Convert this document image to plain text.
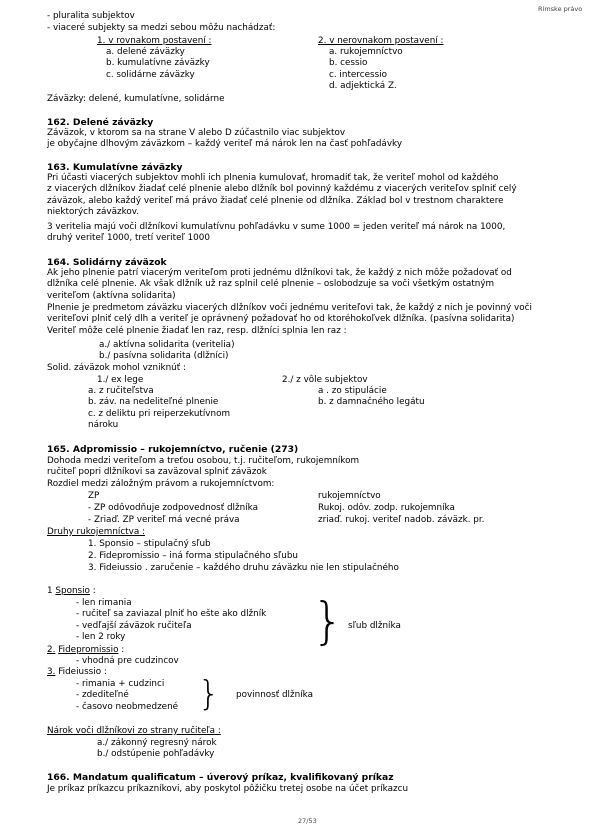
Rímske právo
- pluralita subjektov
- viaceré subjekty sa medzi sebou môžu nachádzať:
1. v rovnakom postavení :
a. delené záväzky
b. kumulatívne záväzky
c. solidárne záväzky
2. v nerovnakom postavení :
a. rukojemníctvo
b. cessio
c. intercessio
d. adjektická Z.
Záväzky: delené, kumulatívne, solidárne
162. Delené záväzky
Záväzok, v ktorom sa na strane V alebo D zúčastnilo viac subjektov
je obyčajne dlhovým záväzkom – každý veriteľ má nárok len na časť pohľadávky
163. Kumulatívne záväzky
Pri účasti viacerých subjektov mohli ich plnenia kumulovať, hromadiť tak, že veriteľ mohol od každého
z viacerých dlžníkov žiadať celé plnenie alebo dlžník bol povinný každému z viacerých veriteľov splniť celý
záväzok, alebo každý veriteľ má právo žiadať celé plnenie od dlžníka. Základ bol v trestnom charaktere
niektorých záväzkov.
3 veritelia majú voči dlžníkovi kumulatívnu pohľadávku v sume 1000 = jeden veriteľ má nárok na 1000,
druhý veriteľ 1000, tretí veriteľ 1000
164. Solidárny záväzok
Ak jeho plnenie patrí viacerým veriteľom proti jednému dlžníkovi tak, že každý z nich môže požadovať od
dlžníka celé plnenie. Ak však dlžník už raz splnil celé plnenie – oslobodzuje sa voči všetkým ostatným
veriteľom (aktívna solidarita)
Plnenie je predmetom záväzku viacerých dlžníkov voči jednému veriteľovi tak, že každý z nich je povinný voči
veriteľovi plniť celý dlh a veriteľ je oprávnený požadovať ho od ktoréhokoľvek dlžníka. (pasívna solidarita)
Veriteľ môže celé plnenie žiadať len raz, resp. dlžníci splnia len raz :
a./ aktívna solidarita (veritelia)
b./ pasívna solidarita (dlžníci)
Solid. záväzok mohol vzniknúť :
1./ ex lege
a. z ručiteľstva
b. záv. na nedeliteľné plnenie
c. z deliktu pri reiperzekutívnom
nároku
2./ z vôle subjektov
a . zo stipulácie
b. z damnačného legátu
165. Adpromissio – rukojemníctvo, ručenie (273)
Dohoda medzi veriteľom a treťou osobou, t.j. ručiteľom, rukojemníkom
ručiteľ popri dlžníkovi sa zaväzoval splniť záväzok
Rozdiel medzi záložným právom a rukojemníctvom:
ZP
- ZP odôvodňuje zodpovednosť dlžníka
- Zriaď. ZP veriteľ má vecné práva
rukojemníctvo
Rukoj. odôv. zodp. rukojemníka
zriaď. rukoj. veriteľ nadob. záväzk. pr.
Druhy rukojemníctva :
1. Sponsio – stipulačný sľub
2. Fidepromissio – iná forma stipulačného sľubu
3. Fideiussio . zaručenie – každého druhu záväzku nie len stipulačného
1 Sponsio :
- len rimania
- ručiteľ sa zaviazal plniť ho ešte ako dlžník
- vedľajší záväzok ručiteľa
- len 2 roky	} sľub dlžníka
2. Fidepromissio :
- vhodná pre cudzincov
3. Fideiussio :
- rimania + cudzinci
- zdediteľné
- časovo neobmedzené } povinnosť dlžníka
Nárok voči dlžníkovi zo strany ručiteľa :
a./ zákonný regresný nárok
b./ odstúpenie pohľadávky
166. Mandatum qualificatum – úverový príkaz, kvalifikovaný príkaz
Je príkaz príkazcu príkazníkovi, aby poskytol pôžičku tretej osobe na účet príkazcu
27/53
